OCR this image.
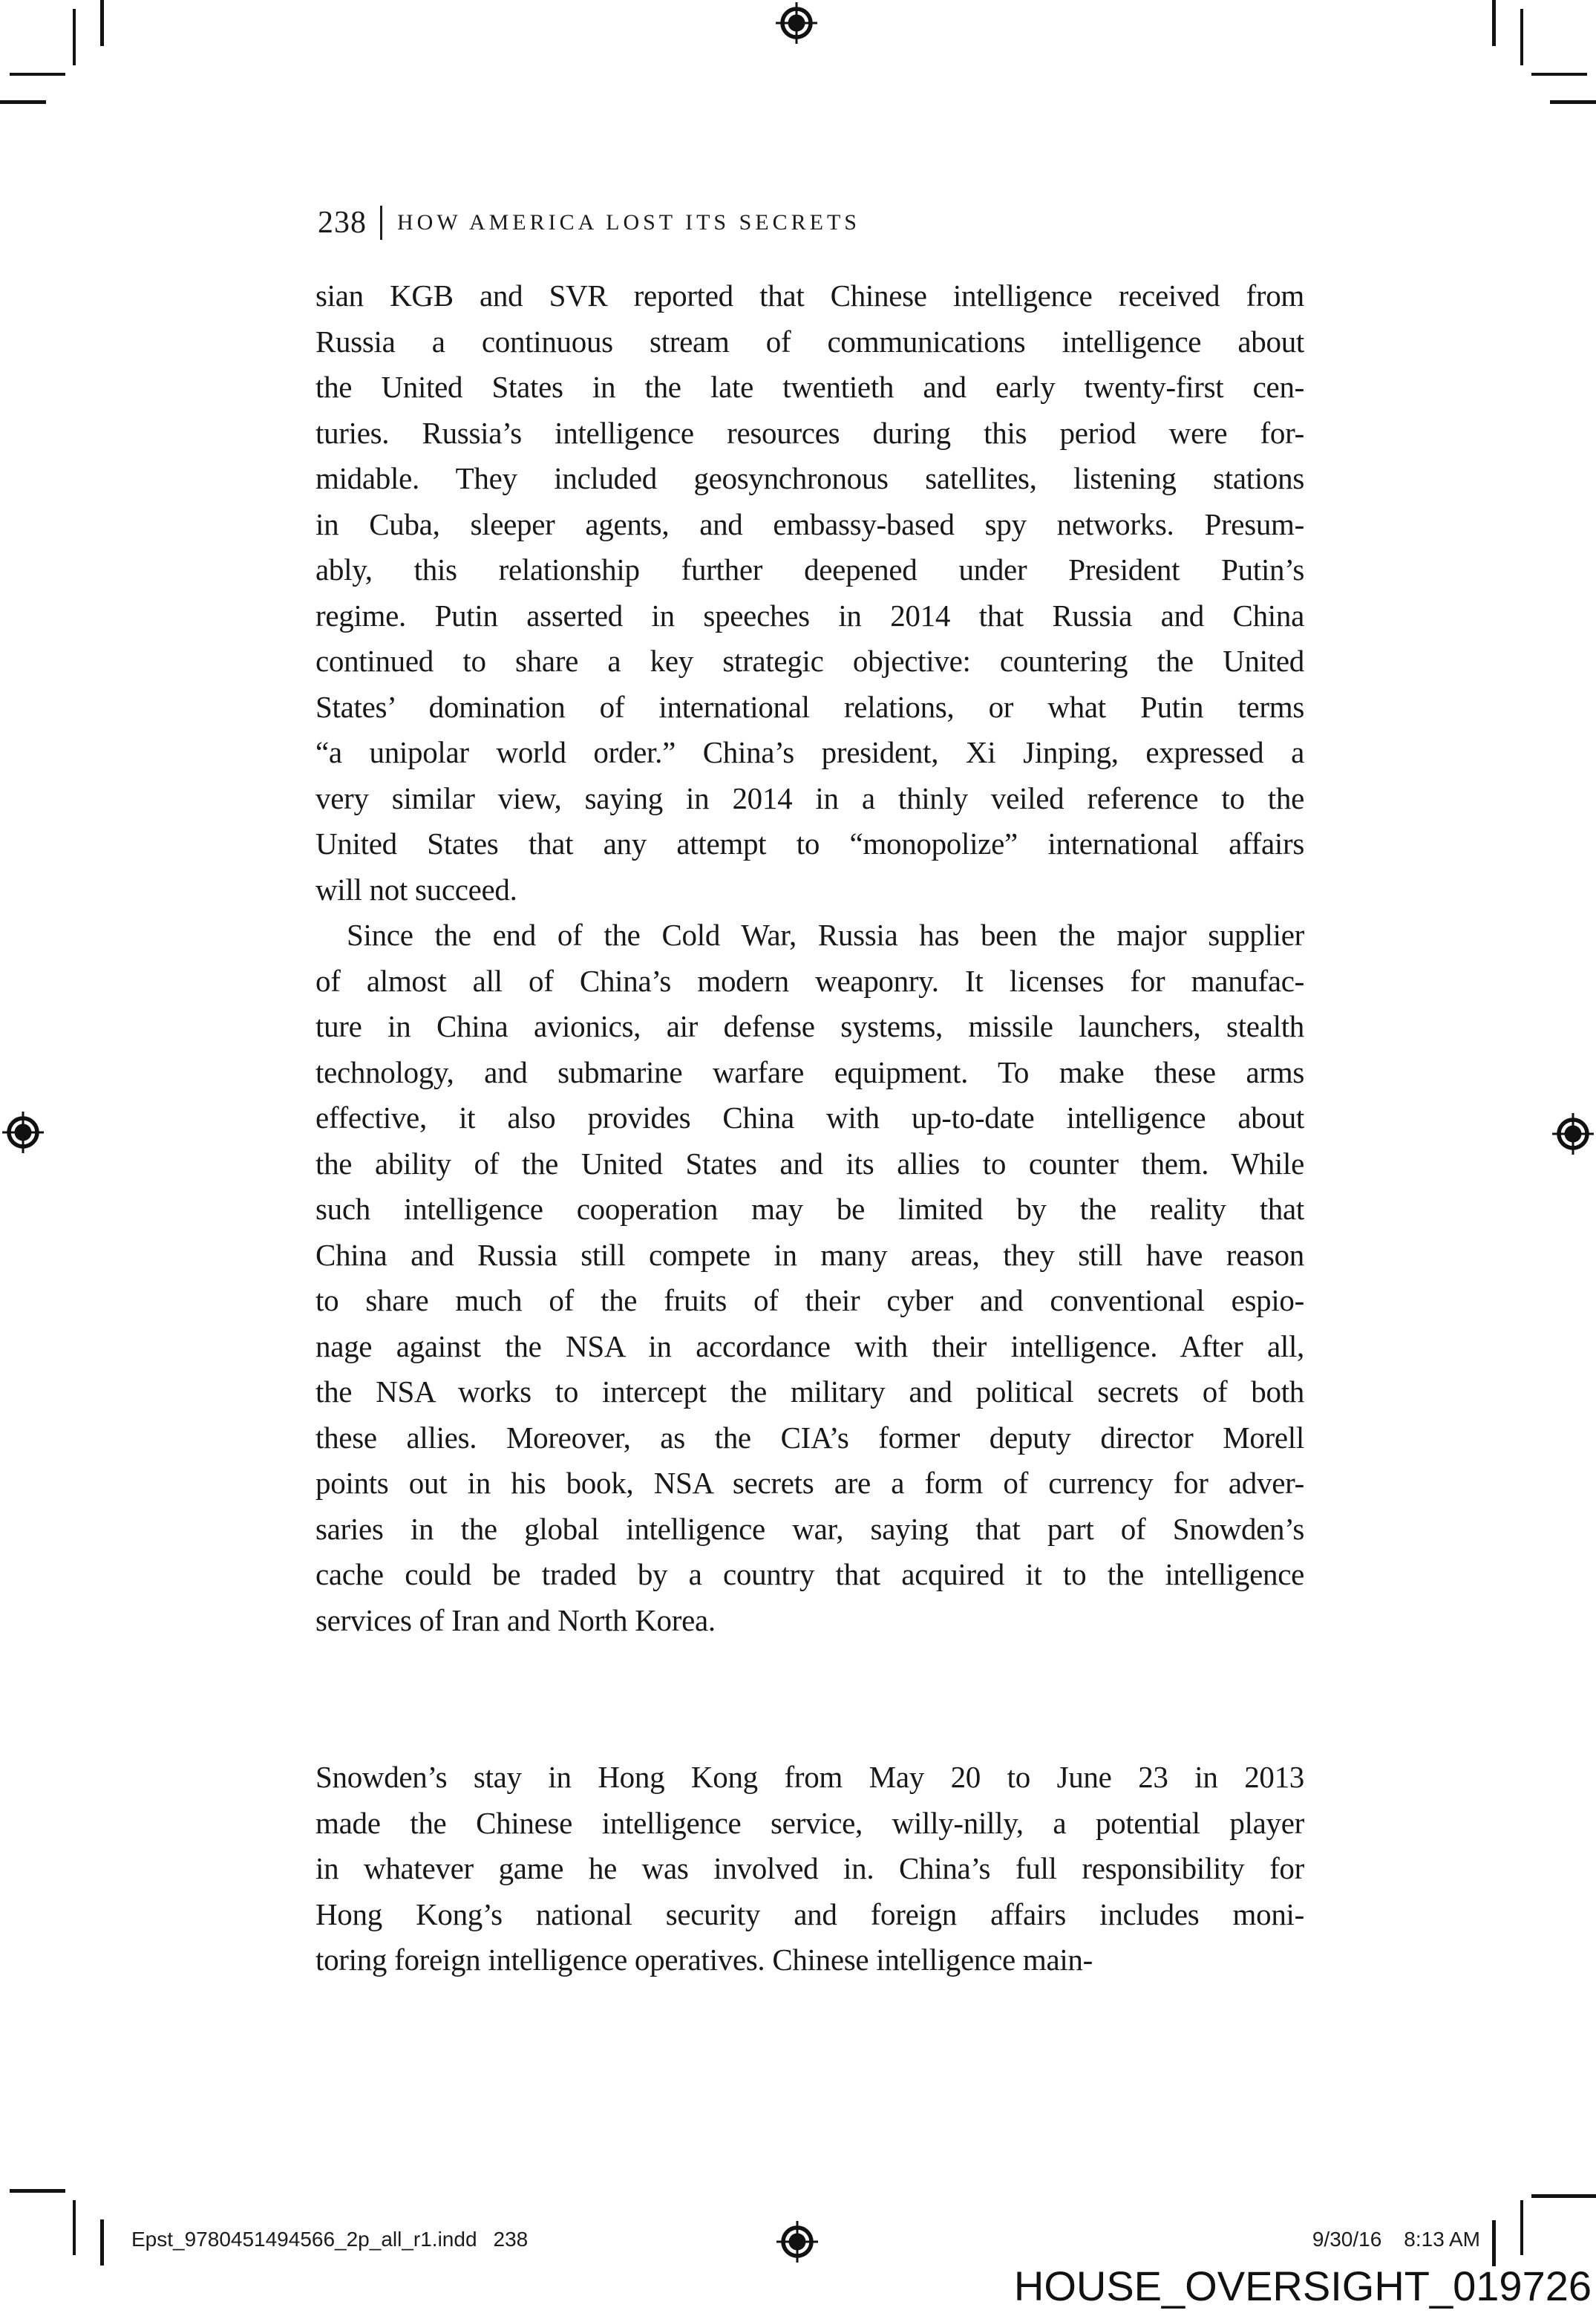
238 HOW AMERICA LOST ITS SECRETS
sian KGB and SVR reported that Chinese intelligence received from
Russia a continuous stream of communications intelligence about
the United States in the late twentieth and early twenty-first cen-
turies. Russia’s intelligence resources during this period were for-
midable. They included geosynchronous satellites, listening stations
in Cuba, sleeper agents, and embassy-based spy networks. Presum-
ably, this relationship further deepened under President Putin’s
regime. Putin asserted in speeches in 2014 that Russia and China
continued to share a key strategic objective: countering the United
States’ domination of international relations, or what Putin terms
“a unipolar world order.” China’s president, Xi Jinping, expressed a
very similar view, saying in 2014 in a thinly veiled reference to the
United States that any attempt to “monopolize” international affairs
will not succeed.
Since the end of the Cold War, Russia has been the major supplier
of almost all of China’s modern weaponry. It licenses for manufac-
ture in China avionics, air defense systems, missile launchers, stealth
technology, and submarine warfare equipment. To make these arms
effective, it also provides China with up-to-date intelligence about
the ability of the United States and its allies to counter them. While
such intelligence cooperation may be limited by the reality that
China and Russia still compete in many areas, they still have reason
to share much of the fruits of their cyber and conventional espio-
nage against the NSA in accordance with their intelligence. After all,
the NSA works to intercept the military and political secrets of both
these allies. Moreover, as the CIA’s former deputy director Morell
points out in his book, NSA secrets are a form of currency for adver-
saries in the global intelligence war, saying that part of Snowden’s
cache could be traded by a country that acquired it to the intelligence
services of Iran and North Korea.
Snowden’s stay in Hong Kong from May 20 to June 23 in 2013
made the Chinese intelligence service, willy-nilly, a potential player
in whatever game he was involved in. China’s full responsibility for
Hong Kong’s national security and foreign affairs includes moni-
toring foreign intelligence operatives. Chinese intelligence main-
Epst_9780451494566_2p_all_r1.indd 238	9/30/16 8:13 AM
HOUSE_OVERSIGHT_019726
